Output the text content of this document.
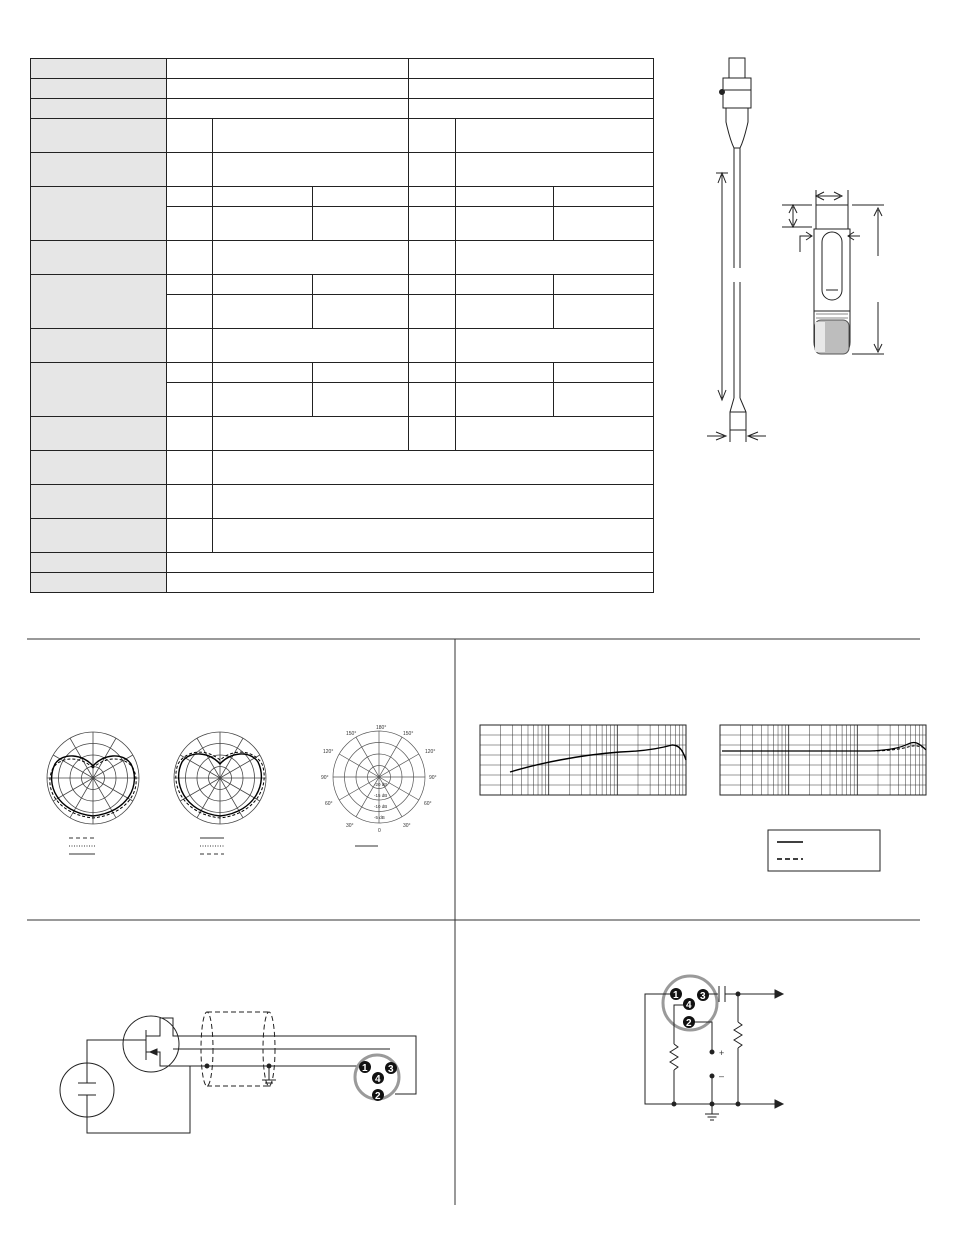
180°
150°	150°
120°	120°
90°	90°
60°	60°
30°	30°
0
-20 dB
-15 dB
-10 dB
-5 dB
1 3
4
2
+
–
1 3
4
2
